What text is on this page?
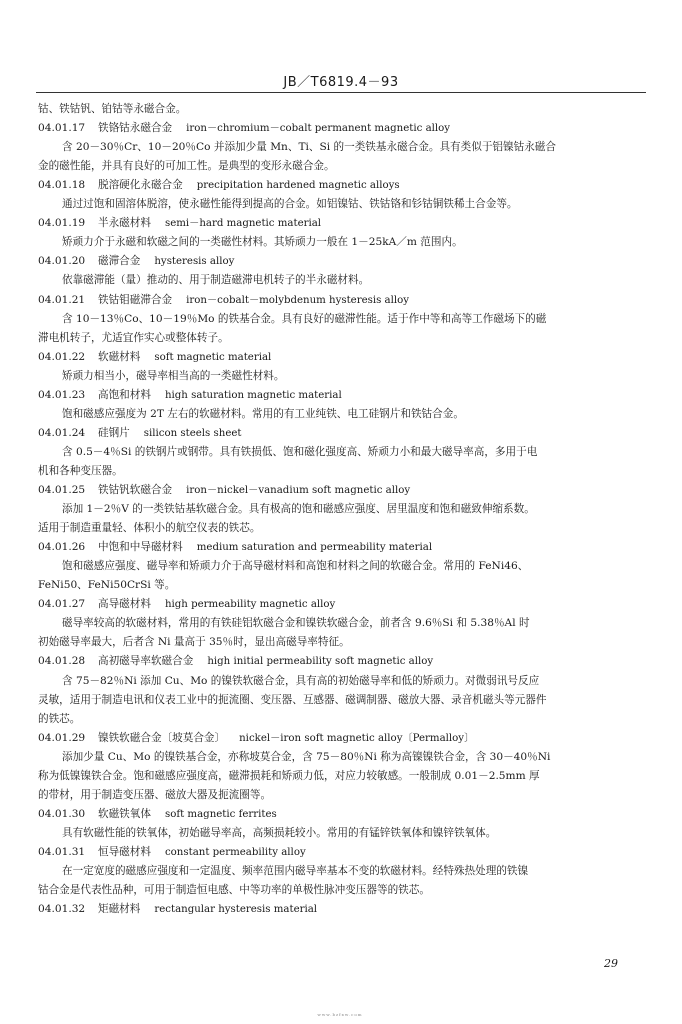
JB／T6819.4－93
钴、铁钴钒、铂钴等永磁合金。
04.01.17 铁铬钴永磁合金 iron－chromium－cobalt permanent magnetic alloy
含 20－30％Cr、10－20％Co 并添加少量 Mn、Ti、Si 的一类铁基永磁合金。具有类似于铝镍钴永磁合
金的磁性能，并具有良好的可加工性。是典型的变形永磁合金。
04.01.18 脱溶硬化永磁合金 precipitation hardened magnetic alloys
通过过饱和固溶体脱溶，使永磁性能得到提高的合金。如铝镍钴、铁钴铬和钐钴铜铁稀土合金等。
04.01.19 半永磁材料 semi－hard magnetic material
矫顽力介于永磁和软磁之间的一类磁性材料。其矫顽力一般在 1－25kA／m 范围内。
04.01.20 磁滞合金 hysteresis alloy
依靠磁滞能（量）推动的、用于制造磁滞电机转子的半永磁材料。
04.01.21 铁钴钼磁滞合金 iron－cobalt－molybdenum hysteresis alloy
含 10－13％Co、10－19％Mo 的铁基合金。具有良好的磁滞性能。适于作中等和高等工作磁场下的磁
滞电机转子，尤适宜作实心或整体转子。
04.01.22 软磁材料 soft magnetic material
矫顽力相当小，磁导率相当高的一类磁性材料。
04.01.23 高饱和材料 high saturation magnetic material
饱和磁感应强度为 2T 左右的软磁材料。常用的有工业纯铁、电工硅钢片和铁钴合金。
04.01.24 硅钢片 silicon steels sheet
含 0.5－4％Si 的铁钢片或钢带。具有铁损低、饱和磁化强度高、矫顽力小和最大磁导率高，多用于电
机和各种变压器。
04.01.25 铁钴钒软磁合金 iron－nickel－vanadium soft magnetic alloy
添加 1－2％V 的一类铁钴基软磁合金。具有极高的饱和磁感应强度、居里温度和饱和磁致伸缩系数。
适用于制造重量轻、体积小的航空仪表的铁芯。
04.01.26 中饱和中导磁材料 medium saturation and permeability material
饱和磁感应强度、磁导率和矫顽力介于高导磁材料和高饱和材料之间的软磁合金。常用的 FeNi46、
FeNi50、FeNi50CrSi 等。
04.01.27 高导磁材料 high permeability magnetic alloy
磁导率较高的软磁材料，常用的有铁硅铝软磁合金和镍铁软磁合金，前者含 9.6％Si 和 5.38％Al 时
初始磁导率最大，后者含 Ni 量高于 35％时，显出高磁导率特征。
04.01.28 高初磁导率软磁合金 high initial permeability soft magnetic alloy
含 75－82％Ni 添加 Cu、Mo 的镍铁软磁合金，具有高的初始磁导率和低的矫顽力。对微弱讯号反应
灵敏，适用于制造电讯和仪表工业中的扼流圈、变压器、互感器、磁调制器、磁放大器、录音机磁头等元器件
的铁芯。
04.01.29 镍铁软磁合金〔坡莫合金〕 nickel－iron soft magnetic alloy〔Permalloy〕
添加少量 Cu、Mo 的镍铁基合金，亦称坡莫合金，含 75－80％Ni 称为高镍镍铁合金，含 30－40％Ni
称为低镍镍铁合金。饱和磁感应强度高，磁滞损耗和矫顽力低，对应力较敏感。一般制成 0.01－2.5mm 厚
的带材，用于制造变压器、磁放大器及扼流圈等。
04.01.30 软磁铁氧体 soft magnetic ferrites
具有软磁性能的铁氧体，初始磁导率高，高频损耗较小。常用的有锰锌铁氧体和镍锌铁氧体。
04.01.31 恒导磁材料 constant permeability alloy
在一定宽度的磁感应强度和一定温度、频率范围内磁导率基本不变的软磁材料。经特殊热处理的铁镍
钴合金是代表性品种，可用于制造恒电感、中等功率的单极性脉冲变压器等的铁芯。
04.01.32 矩磁材料 rectangular hysteresis material
29
www.bzfxw.com
